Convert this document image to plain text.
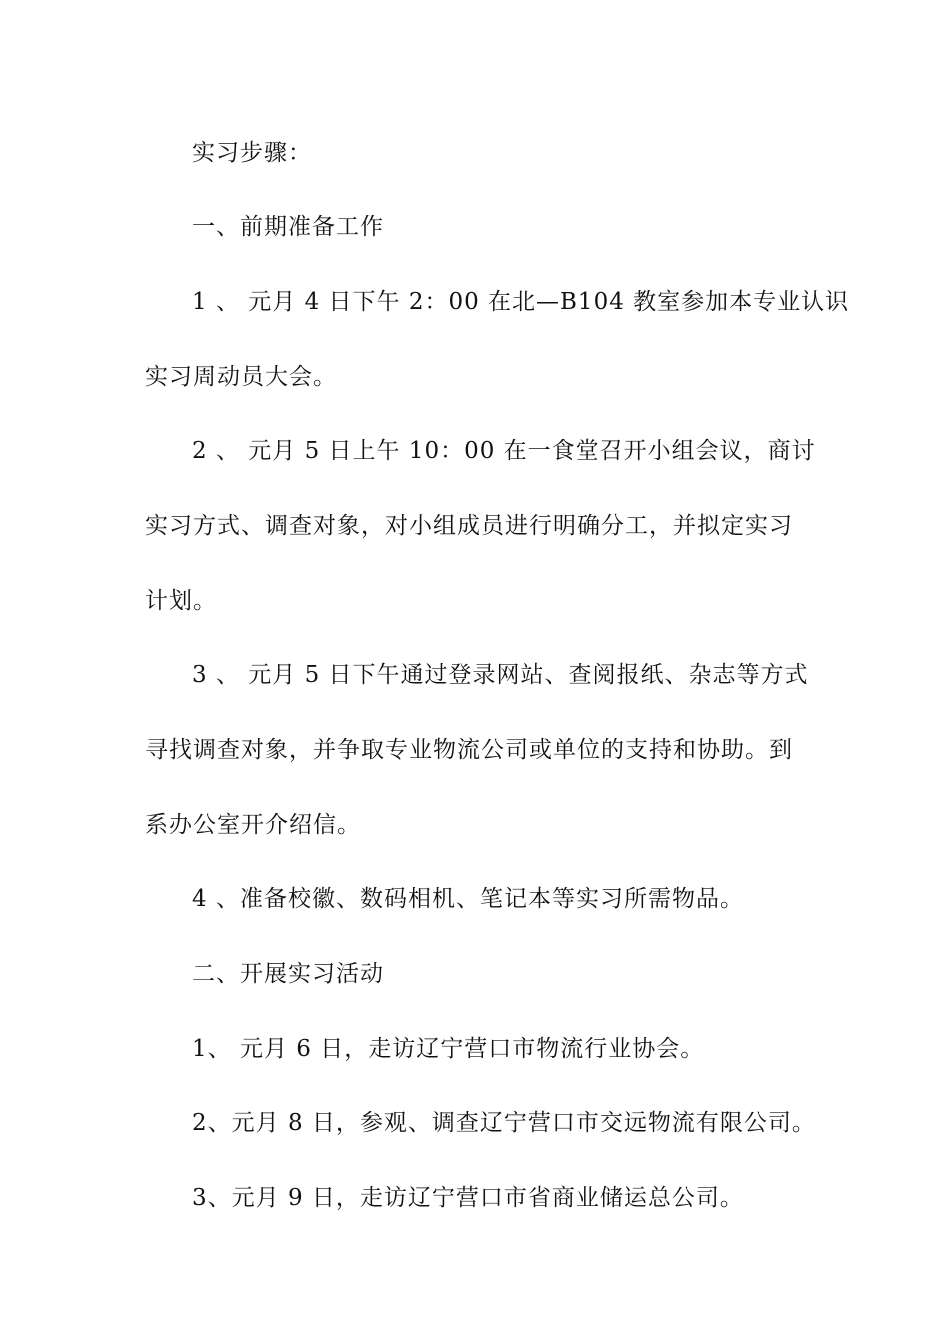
实习步骤：
一、前期准备工作
1 、 元月 4 日下午 2：00 在北—B104 教室参加本专业认识
实习周动员大会。
2 、 元月 5 日上午 10：00 在一食堂召开小组会议，商讨
实习方式、调查对象，对小组成员进行明确分工，并拟定实习
计划。
3 、 元月 5 日下午通过登录网站、查阅报纸、杂志等方式
寻找调查对象，并争取专业物流公司或单位的支持和协助。到
系办公室开介绍信。
4 、准备校徽、数码相机、笔记本等实习所需物品。
二、开展实习活动
1、 元月 6 日，走访辽宁营口市物流行业协会。
2、元月 8 日，参观、调查辽宁营口市交远物流有限公司。
3、元月 9 日，走访辽宁营口市省商业储运总公司。
